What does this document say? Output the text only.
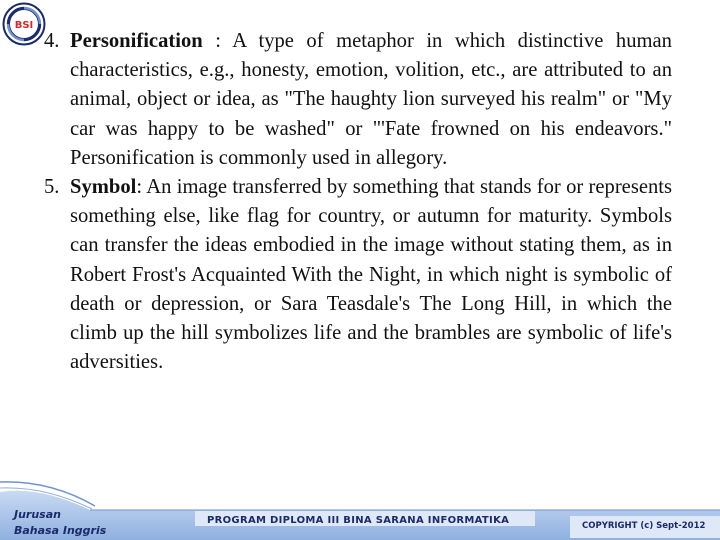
BSI
4. Personification : A type of metaphor in which distinctive human characteristics, e.g., honesty, emotion, volition, etc., are attributed to an animal, object or idea, as "The haughty lion surveyed his realm" or "My car was happy to be washed" or "'Fate frowned on his endeavors." Personification is commonly used in allegory.
5. Symbol: An image transferred by something that stands for or represents something else, like flag for country, or autumn for maturity. Symbols can transfer the ideas embodied in the image without stating them, as in Robert Frost's Acquainted With the Night, in which night is symbolic of death or depression, or Sara Teasdale's The Long Hill, in which the climb up the hill symbolizes life and the brambles are symbolic of life's adversities.
Jurusan
Bahasa Inggris
PROGRAM DIPLOMA III BINA SARANA INFORMATIKA	COPYRIGHT (c) Sept-2012
